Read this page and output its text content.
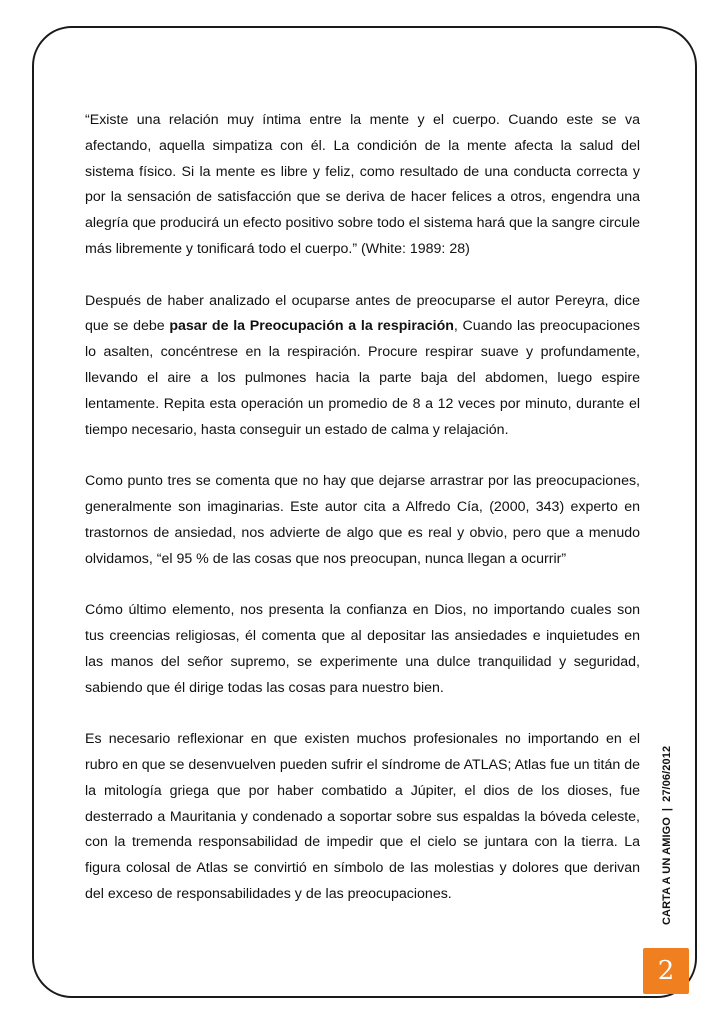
“Existe una relación muy íntima entre la mente y el cuerpo. Cuando este se va afectando, aquella simpatiza con él. La condición de la mente afecta la salud del sistema físico. Si la mente es libre y feliz, como resultado de una conducta correcta y por la sensación de satisfacción que se deriva de hacer felices a otros, engendra una alegría que producirá un efecto positivo sobre todo el sistema hará que la sangre circule más libremente y tonificará todo el cuerpo.” (White: 1989: 28)

Después de haber analizado el ocuparse antes de preocuparse el autor Pereyra, dice que se debe pasar de la Preocupación a la respiración, Cuando las preocupaciones lo asalten, concéntrese en la respiración. Procure respirar suave y profundamente, llevando el aire a los pulmones hacia la parte baja del abdomen, luego espire lentamente. Repita esta operación un promedio de 8 a 12 veces por minuto, durante el tiempo necesario, hasta conseguir un estado de calma y relajación.

Como punto tres se comenta que no hay que dejarse arrastrar por las preocupaciones, generalmente son imaginarias. Este autor cita a Alfredo Cía, (2000, 343) experto en trastornos de ansiedad, nos advierte de algo que es real y obvio, pero que a menudo olvidamos, “el 95 % de las cosas que nos preocupan, nunca llegan a ocurrir”

Cómo último elemento, nos presenta la confianza en Dios, no importando cuales son tus creencias religiosas, él comenta que al depositar las ansiedades e inquietudes en las manos del señor supremo, se experimente una dulce tranquilidad y seguridad, sabiendo que él dirige todas las cosas para nuestro bien.

Es necesario reflexionar en que existen muchos profesionales no importando en el rubro en que se desenvuelven pueden sufrir el síndrome de ATLAS; Atlas fue un titán de la mitología griega que por haber combatido a Júpiter, el dios de los dioses, fue desterrado a Mauritania y condenado a soportar sobre sus espaldas la bóveda celeste, con la tremenda responsabilidad de impedir que el cielo se juntara con la tierra. La figura colosal de Atlas se convirtió en símbolo de las molestias y dolores que derivan del exceso de responsabilidades y de las preocupaciones.	CARTA A UN AMIGO|27/06/2012
2
